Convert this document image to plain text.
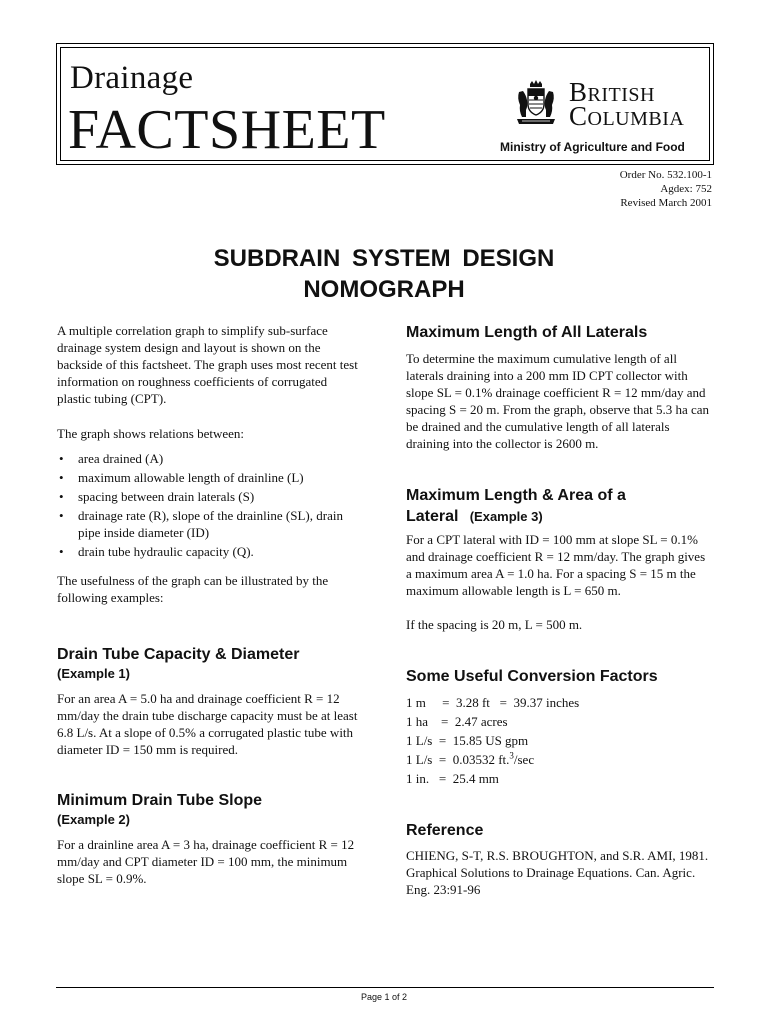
Drainage
FACTSHEET
BRITISH
COLUMBIA
Ministry of Agriculture and Food
Order No. 532.100-1
Agdex: 752
Revised March 2001
SUBDRAIN SYSTEM DESIGN
NOMOGRAPH

A multiple correlation graph to simplify sub-surface drainage system design and layout is shown on the backside of this factsheet. The graph uses most recent test information on roughness coefficients of corrugated plastic tubing (CPT).

The graph shows relations between:

• area drained (A)
• maximum allowable length of drainline (L)
• spacing between drain laterals (S)
• drainage rate (R), slope of the drainline (SL), drain pipe inside diameter (ID)
• drain tube hydraulic capacity (Q).

The usefulness of the graph can be illustrated by the following examples:

Drain Tube Capacity & Diameter
(Example 1)

For an area A = 5.0 ha and drainage coefficient R = 12 mm/day the drain tube discharge capacity must be at least 6.8 L/s. At a slope of 0.5% a corrugated plastic tube with diameter ID = 150 mm is required.

Minimum Drain Tube Slope
(Example 2)

For a drainline area A = 3 ha, drainage coefficient R = 12 mm/day and CPT diameter ID = 100 mm, the minimum slope SL = 0.9%.

Maximum Length of All Laterals

To determine the maximum cumulative length of all laterals draining into a 200 mm ID CPT collector with slope SL = 0.1% drainage coefficient R = 12 mm/day and spacing S = 20 m. From the graph, observe that 5.3 ha can be drained and the cumulative length of all laterals draining into the collector is 2600 m.

Maximum Length & Area of a
Lateral (Example 3)

For a CPT lateral with ID = 100 mm at slope SL = 0.1% and drainage coefficient R = 12 mm/day. The graph gives a maximum area A = 1.0 ha. For a spacing S = 15 m the maximum allowable length is L = 650 m.

If the spacing is 20 m, L = 500 m.

Some Useful Conversion Factors
1 m     =  3.28 ft   =  39.37 inches
1 ha    =  2.47 acres
1 L/s  =  15.85 US gpm
1 L/s  =  0.03532 ft.$^3$/sec
1 in.   =  25.4 mm
Reference

CHIENG, S-T, R.S. BROUGHTON, and S.R. AMI, 1981. Graphical Solutions to Drainage Equations. Can. Agric. Eng. 23:91-96

Page 1 of 2
